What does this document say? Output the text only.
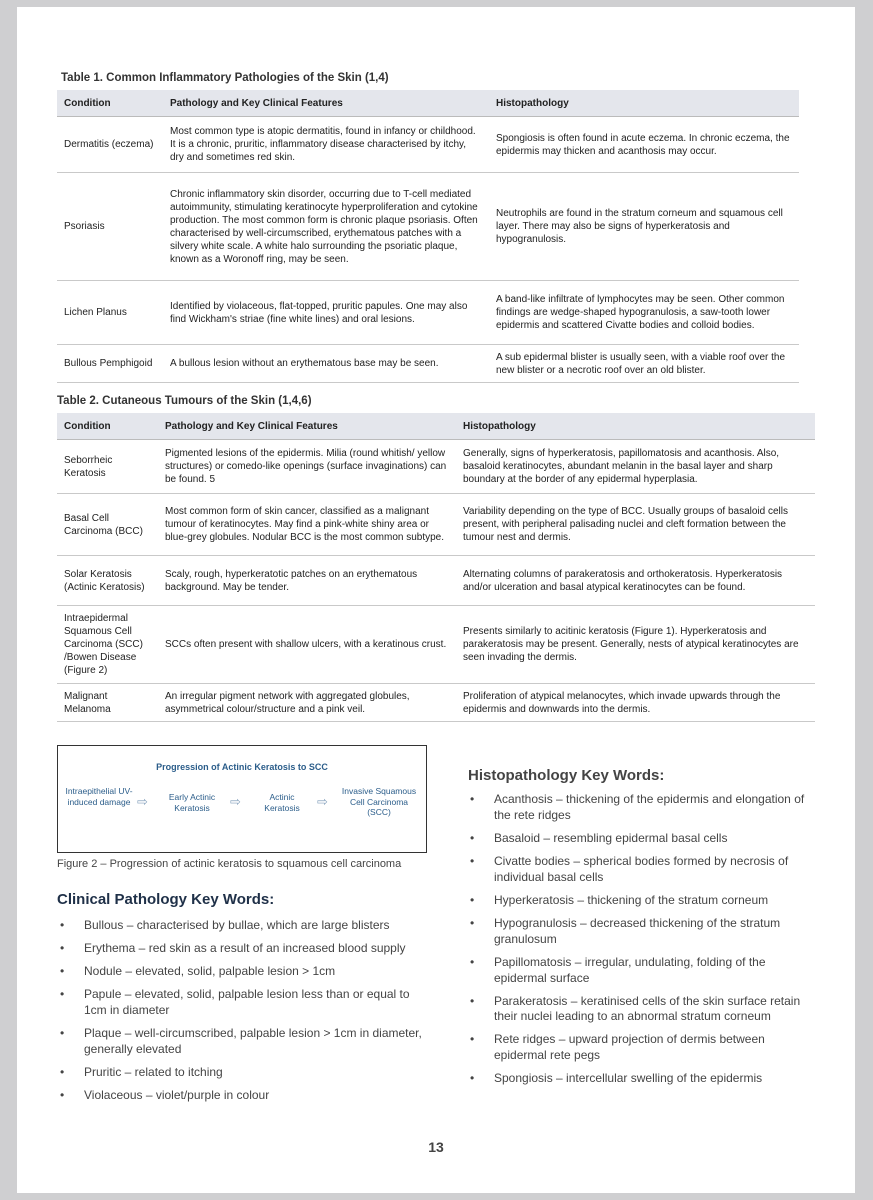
Table 1. Common Inflammatory Pathologies of the Skin (1,4)
Condition	Pathology and Key Clinical Features	Histopathology
Dermatitis (eczema)	Most common type is atopic dermatitis, found in infancy or childhood. It is a chronic, pruritic, inflammatory disease characterised by itchy, dry and sometimes red skin.	Spongiosis is often found in acute eczema. In chronic eczema, the epidermis may thicken and acanthosis may occur.
Psoriasis	Chronic inflammatory skin disorder, occurring due to T-cell mediated autoimmunity, stimulating keratinocyte hyperproliferation and cytokine production. The most common form is chronic plaque psoriasis. Often characterised by well-circumscribed, erythematous patches with a silvery white scale. A white halo surrounding the psoriatic plaque, known as a Woronoff ring, may be seen.	Neutrophils are found in the stratum corneum and squamous cell layer. There may also be signs of hyperkeratosis and hypogranulosis.
Lichen Planus	Identified by violaceous, flat-topped, pruritic papules. One may also find Wickham's striae (fine white lines) and oral lesions.	A band-like infiltrate of lymphocytes may be seen. Other common findings are wedge-shaped hypogranulosis, a saw-tooth lower epidermis and scattered Civatte bodies and colloid bodies.
Bullous Pemphigoid	A bullous lesion without an erythematous base may be seen.	A sub epidermal blister is usually seen, with a viable roof over the new blister or a necrotic roof over an old blister.
Table 2. Cutaneous Tumours of the Skin (1,4,6)
Condition	Pathology and Key Clinical Features	Histopathology
Seborrheic Keratosis	Pigmented lesions of the epidermis. Milia (round whitish/ yellow structures) or comedo-like openings (surface invaginations) can be found. 5	Generally, signs of hyperkeratosis, papillomatosis and acanthosis. Also, basaloid keratinocytes, abundant melanin in the basal layer and sharp boundary at the border of any epidermal hyperplasia.
Basal Cell Carcinoma (BCC)	Most common form of skin cancer, classified as a malignant tumour of keratinocytes. May find a pink-white shiny area or blue-grey globules. Nodular BCC is the most common subtype.	Variability depending on the type of BCC. Usually groups of basaloid cells present, with peripheral palisading nuclei and cleft formation between the tumour nest and dermis.
Solar Keratosis (Actinic Keratosis)	Scaly, rough, hyperkeratotic patches on an erythematous background. May be tender.	Alternating columns of parakeratosis and orthokeratosis. Hyperkeratosis and/or ulceration and basal atypical keratinocytes can be found.
Intraepidermal Squamous Cell Carcinoma (SCC) /Bowen Disease (Figure 2)	SCCs often present with shallow ulcers, with a keratinous crust.	Presents similarly to acitinic keratosis (Figure 1). Hyperkeratosis and parakeratosis may be present. Generally, nests of atypical keratinocytes are seen invading the dermis.
Malignant Melanoma	An irregular pigment network with aggregated globules, asymmetrical colour/structure and a pink veil.	Proliferation of atypical melanocytes, which invade upwards through the epidermis and downwards into the dermis.
Progression of Actinic Keratosis to SCC
Intraepithelial UV-induced damage ⇨	Early Actinic Keratosis	⇨	Actinic Keratosis	⇨
Invasive Squamous Cell Carcinoma (SCC)
Figure 2 – Progression of actinic keratosis to squamous cell carcinoma
Clinical Pathology Key Words:
• Bullous – characterised by bullae, which are large blisters
• Erythema – red skin as a result of an increased blood supply
• Nodule – elevated, solid, palpable lesion > 1cm
• Papule – elevated, solid, palpable lesion less than or equal to 1cm in diameter
• Plaque – well-circumscribed, palpable lesion > 1cm in diameter, generally elevated
• Pruritic – related to itching
• Violaceous – violet/purple in colour
Histopathology Key Words:
• Acanthosis – thickening of the epidermis and elongation of the rete ridges
• Basaloid – resembling epidermal basal cells
• Civatte bodies – spherical bodies formed by necrosis of individual basal cells
• Hyperkeratosis – thickening of the stratum corneum
• Hypogranulosis – decreased thickening of the stratum granulosum
• Papillomatosis – irregular, undulating, folding of the epidermal surface
• Parakeratosis – keratinised cells of the skin surface retain their nuclei leading to an abnormal stratum corneum
• Rete ridges – upward projection of dermis between epidermal rete pegs
• Spongiosis – intercellular swelling of the epidermis
13
